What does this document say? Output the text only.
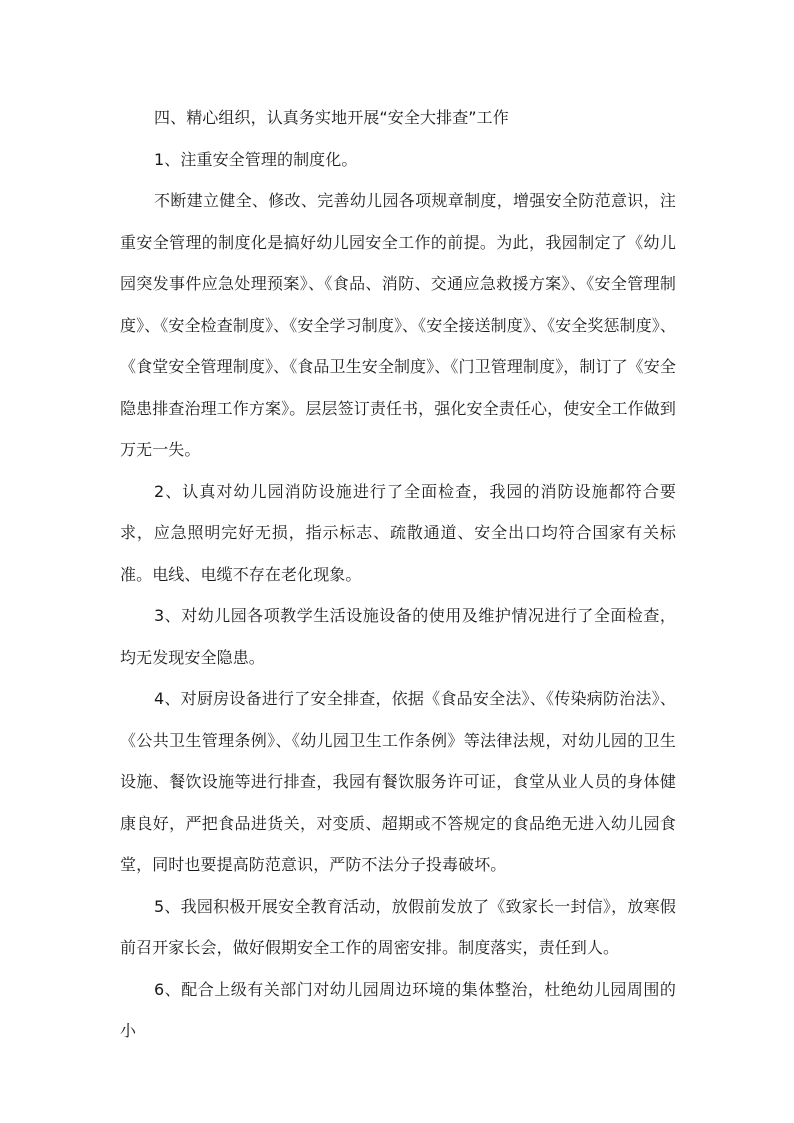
四、精心组织，认真务实地开展“安全大排查”工作

1、注重安全管理的制度化。

不断建立健全、修改、完善幼儿园各项规章制度，增强安全防范意识，注重安全管理的制度化是搞好幼儿园安全工作的前提。为此，我园制定了《幼儿园突发事件应急处理预案》、《食品、消防、交通应急救援方案》、《安全管理制度》、《安全检查制度》、《安全学习制度》、《安全接送制度》、《安全奖惩制度》、《食堂安全管理制度》、《食品卫生安全制度》、《门卫管理制度》，制订了《安全隐患排查治理工作方案》。层层签订责任书，强化安全责任心，使安全工作做到万无一失。

2、认真对幼儿园消防设施进行了全面检查，我园的消防设施都符合要求，应急照明完好无损，指示标志、疏散通道、安全出口均符合国家有关标准。电线、电缆不存在老化现象。

3、对幼儿园各项教学生活设施设备的使用及维护情况进行了全面检查，均无发现安全隐患。

4、对厨房设备进行了安全排查，依据《食品安全法》、《传染病防治法》、《公共卫生管理条例》、《幼儿园卫生工作条例》等法律法规，对幼儿园的卫生设施、餐饮设施等进行排查，我园有餐饮服务许可证，食堂从业人员的身体健康良好，严把食品进货关，对变质、超期或不答规定的食品绝无进入幼儿园食堂，同时也要提高防范意识，严防不法分子投毒破坏。

5、我园积极开展安全教育活动，放假前发放了《致家长一封信》，放寒假前召开家长会，做好假期安全工作的周密安排。制度落实，责任到人。

6、配合上级有关部门对幼儿园周边环境的集体整治，杜绝幼儿园周围的小
